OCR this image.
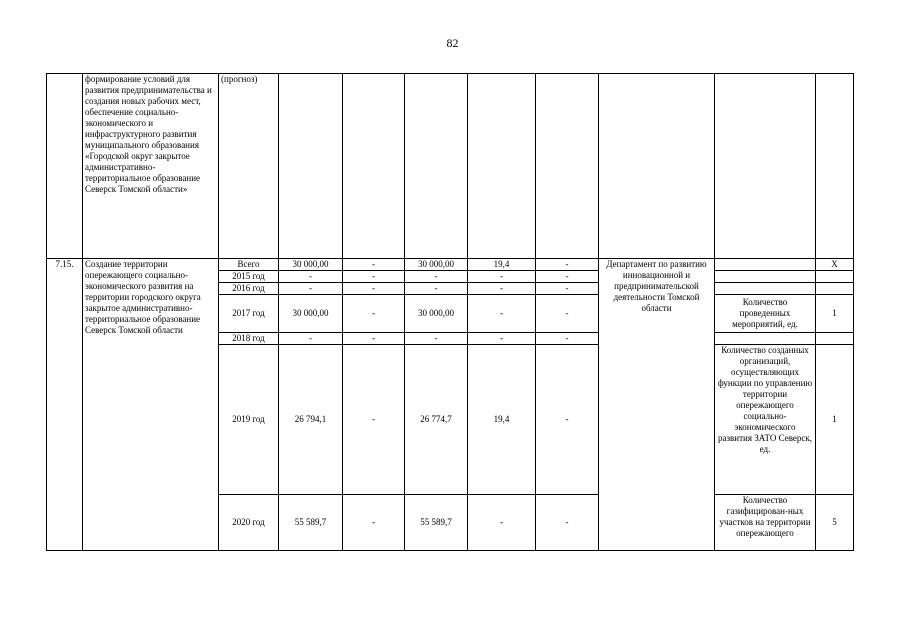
82
	формирование условий для развития предпринимательства и создания новых рабочих мест, обеспечение социально-экономического и инфраструктурного развития муниципального образования «Городской округ закрытое административно-территориальное образование Северск Томской области»	(прогноз)								
7.15.	Создание территории опережающего социально-экономического развития на территории городского округа закрытое административно-территориальное образование Северск Томской области	Всего	30 000,00	-	30 000,00	19,4	-	Департамент по развитию инновационной и предпринимательской деятельности Томской области		X
		2015 год	-	-	-	-	-			
		2016 год	-	-	-	-	-			
		2017 год	30 000,00	-	30 000,00	-	-		Количество проведенных мероприятий, ед.	1
		2018 год	-	-	-	-	-			
		2019 год	26 794,1	-	26 774,7	19,4	-		Количество созданных организаций, осуществляющих функции по управлению территории опережающего социально-экономического развития ЗАТО Северск, ед.	1
		2020 год	55 589,7	-	55 589,7	-	-		Количество газифицирован-ных участков на территории опережающего	5
